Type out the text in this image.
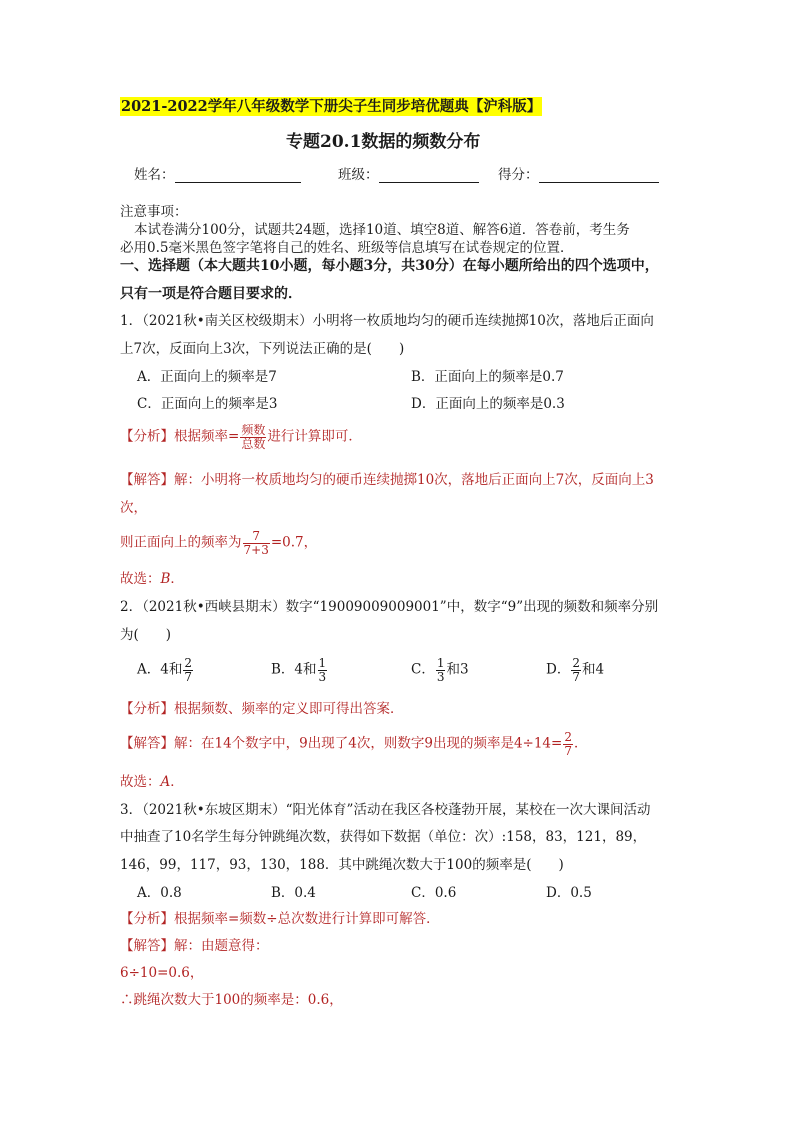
2021-2022学年八年级数学下册尖子生同步培优题典【沪科版】
专题20.1数据的频数分布
姓名：	班级：	得分：
注意事项：
本试卷满分100分，试题共24题，选择10道、填空8道、解答6道．答卷前，考生务
必用0.5毫米黑色签字笔将自己的姓名、班级等信息填写在试卷规定的位置．
一、选择题（本大题共10小题，每小题3分，共30分）在每小题所给出的四个选项中，
只有一项是符合题目要求的．
1．（2021秋•南关区校级期末）小明将一枚质地均匀的硬币连续抛掷10次，落地后正面向
上7次，反面向上3次，下列说法正确的是(　　)
A．正面向上的频率是7	B．正面向上的频率是0.7
C．正面向上的频率是3	D．正面向上的频率是0.3
【分析】根据频率= $\frac{\text{频数}}{\text{总数}}$ 进行计算即可．
【解答】解：小明将一枚质地均匀的硬币连续抛掷10次，落地后正面向上7次，反面向上3
次，
则正面向上的频率为 $\frac{7}{7+3} =0.7$，
故选：B．
2．（2021秋•西峡县期末）数字“19009009009001”中，数字“9”出现的频数和频率分别
为(　　)
A．4和 $\frac{2}{7}$	B．4和 $\frac{1}{3}$	C． $\frac{1}{3}$ 和3	D． $\frac{2}{7}$ 和4
【分析】根据频数、频率的定义即可得出答案．
【解答】解：在14个数字中，9出现了4次，则数字9出现的频率是$4\div 14= \frac{2}{7}$ ．
故选：A．
3．（2021秋•东坡区期末）“阳光体育”活动在我区各校蓬勃开展，某校在一次大课间活动
中抽查了10名学生每分钟跳绳次数，获得如下数据（单位：次）:158，83，121，89，
146，99，117，93，130，188．其中跳绳次数大于100的频率是(　　)
A．0.8	B．0.4	C．0.6	D．0.5
【分析】根据频率=频数÷总次数进行计算即可解答．
【解答】解：由题意得：
6÷10=0.6，
∴跳绳次数大于100的频率是：0.6，
